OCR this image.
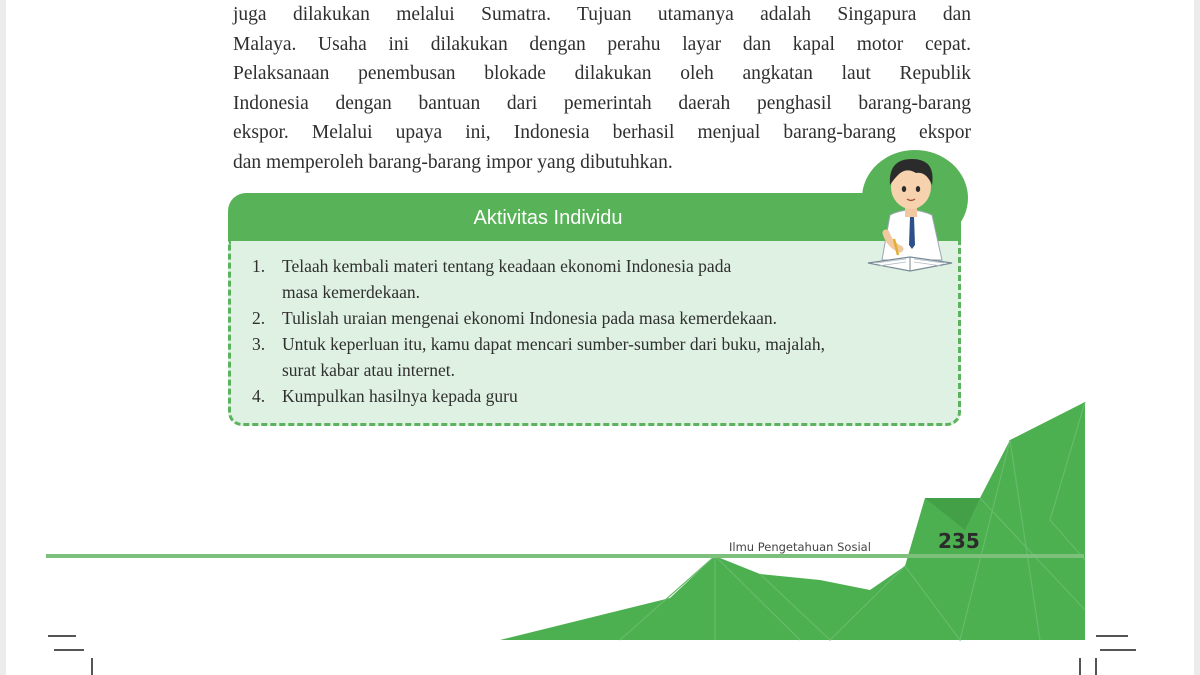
juga dilakukan melalui Sumatra. Tujuan utamanya adalah Singapura dan
Malaya. Usaha ini dilakukan dengan perahu layar dan kapal motor cepat.
Pelaksanaan penembusan blokade dilakukan oleh angkatan laut Republik
Indonesia dengan bantuan dari pemerintah daerah penghasil barang-barang
ekspor. Melalui upaya ini, Indonesia berhasil menjual barang-barang ekspor
dan memperoleh barang-barang impor yang dibutuhkan.
Aktivitas Individu
1. Telaah kembali materi tentang keadaan ekonomi Indonesia pada
masa kemerdekaan.
2. Tulislah uraian mengenai ekonomi Indonesia pada masa kemerdekaan.
3. Untuk keperluan itu, kamu dapat mencari sumber-sumber dari buku, majalah,
surat kabar atau internet.
4. Kumpulkan hasilnya kepada guru
Ilmu Pengetahuan Sosial	235
